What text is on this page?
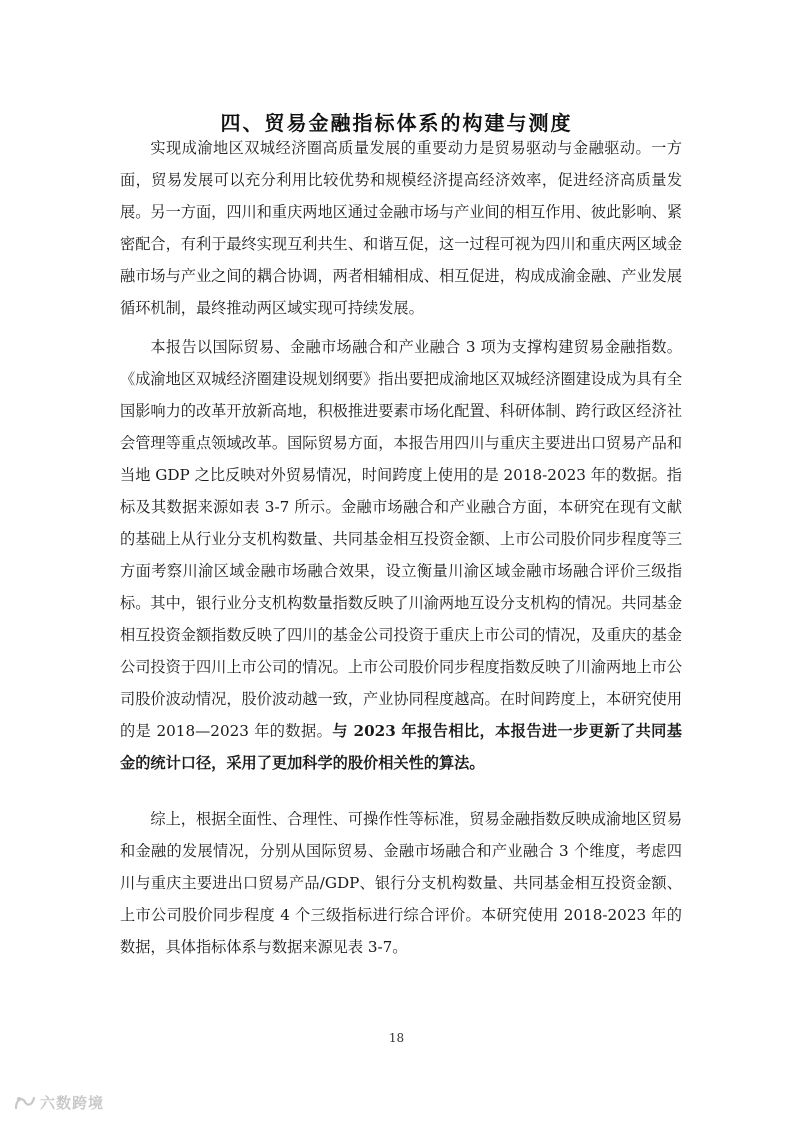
四、贸易金融指标体系的构建与测度

实现成渝地区双城经济圈高质量发展的重要动力是贸易驱动与金融驱动。一方面，贸易发展可以充分利用比较优势和规模经济提高经济效率，促进经济高质量发展。另一方面，四川和重庆两地区通过金融市场与产业间的相互作用、彼此影响、紧密配合，有利于最终实现互利共生、和谐互促，这一过程可视为四川和重庆两区域金融市场与产业之间的耦合协调，两者相辅相成、相互促进，构成成渝金融、产业发展循环机制，最终推动两区域实现可持续发展。

本报告以国际贸易、金融市场融合和产业融合 3 项为支撑构建贸易金融指数。《成渝地区双城经济圈建设规划纲要》指出要把成渝地区双城经济圈建设成为具有全国影响力的改革开放新高地，积极推进要素市场化配置、科研体制、跨行政区经济社会管理等重点领域改革。国际贸易方面，本报告用四川与重庆主要进出口贸易产品和当地 GDP 之比反映对外贸易情况，时间跨度上使用的是 2018-2023 年的数据。指标及其数据来源如表 3-7 所示。金融市场融合和产业融合方面，本研究在现有文献的基础上从行业分支机构数量、共同基金相互投资金额、上市公司股价同步程度等三方面考察川渝区域金融市场融合效果，设立衡量川渝区域金融市场融合评价三级指标。其中，银行业分支机构数量指数反映了川渝两地互设分支机构的情况。共同基金相互投资金额指数反映了四川的基金公司投资于重庆上市公司的情况，及重庆的基金公司投资于四川上市公司的情况。上市公司股价同步程度指数反映了川渝两地上市公司股价波动情况，股价波动越一致，产业协同程度越高。在时间跨度上，本研究使用的是 2018—2023 年的数据。与 2023 年报告相比，本报告进一步更新了共同基金的统计口径，采用了更加科学的股价相关性的算法。

综上，根据全面性、合理性、可操作性等标准，贸易金融指数反映成渝地区贸易和金融的发展情况，分别从国际贸易、金融市场融合和产业融合 3 个维度，考虑四川与重庆主要进出口贸易产品/GDP、银行分支机构数量、共同基金相互投资金额、上市公司股价同步程度 4 个三级指标进行综合评价。本研究使用 2018-2023 年的数据，具体指标体系与数据来源见表 3-7。

18
六数跨境
